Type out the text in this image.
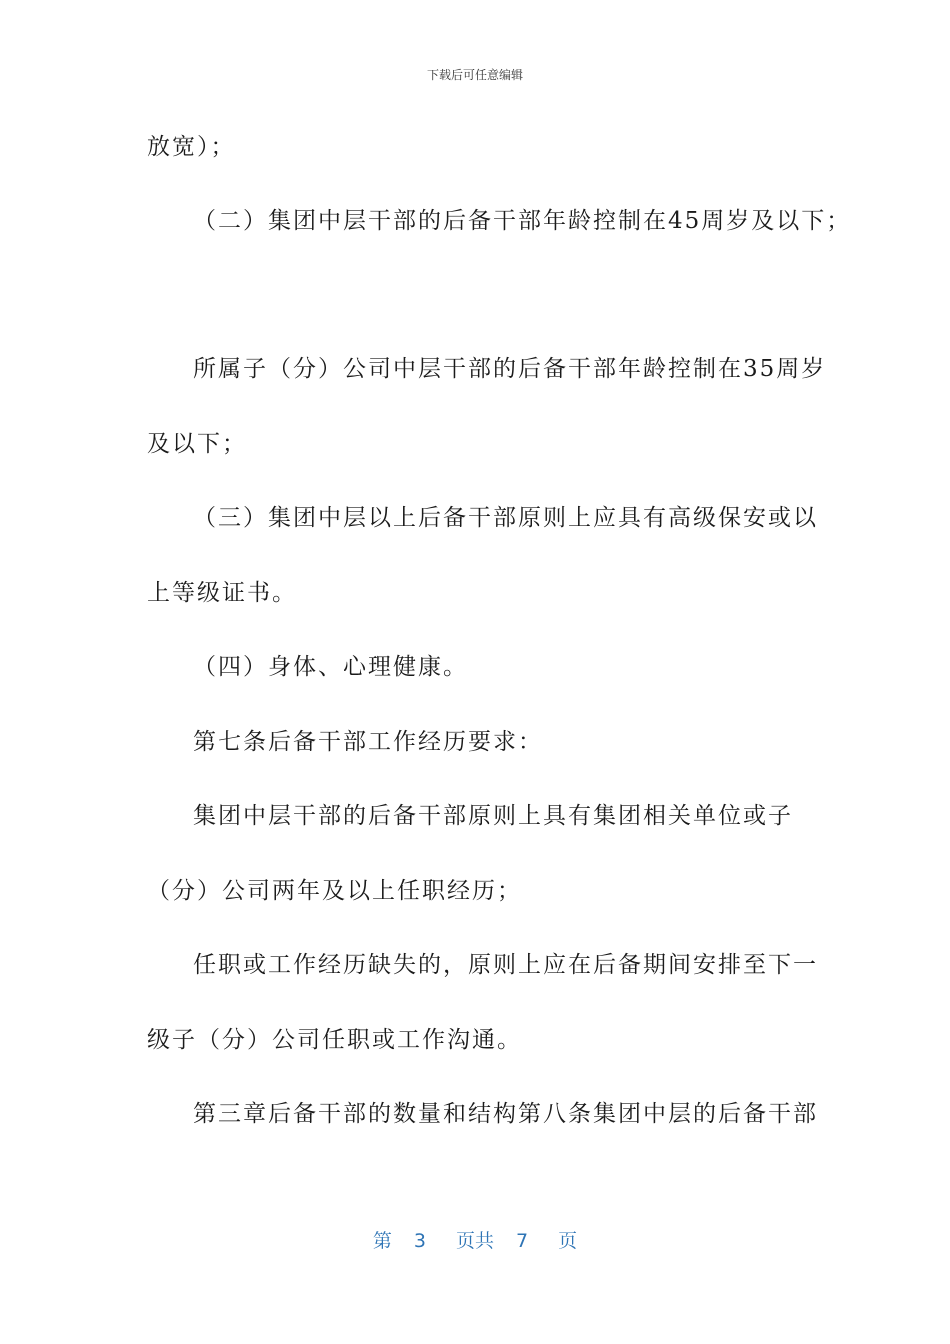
下载后可任意编辑
放宽）；
（二）集团中层干部的后备干部年龄控制在45周岁及以下；
所属子（分）公司中层干部的后备干部年龄控制在35周岁
及以下；
（三）集团中层以上后备干部原则上应具有高级保安或以
上等级证书。
（四）身体、心理健康。
第七条后备干部工作经历要求：
集团中层干部的后备干部原则上具有集团相关单位或子
（分）公司两年及以上任职经历；
任职或工作经历缺失的，原则上应在后备期间安排至下一
级子（分）公司任职或工作沟通。
第三章后备干部的数量和结构第八条集团中层的后备干部
第 3 页共 7 页
